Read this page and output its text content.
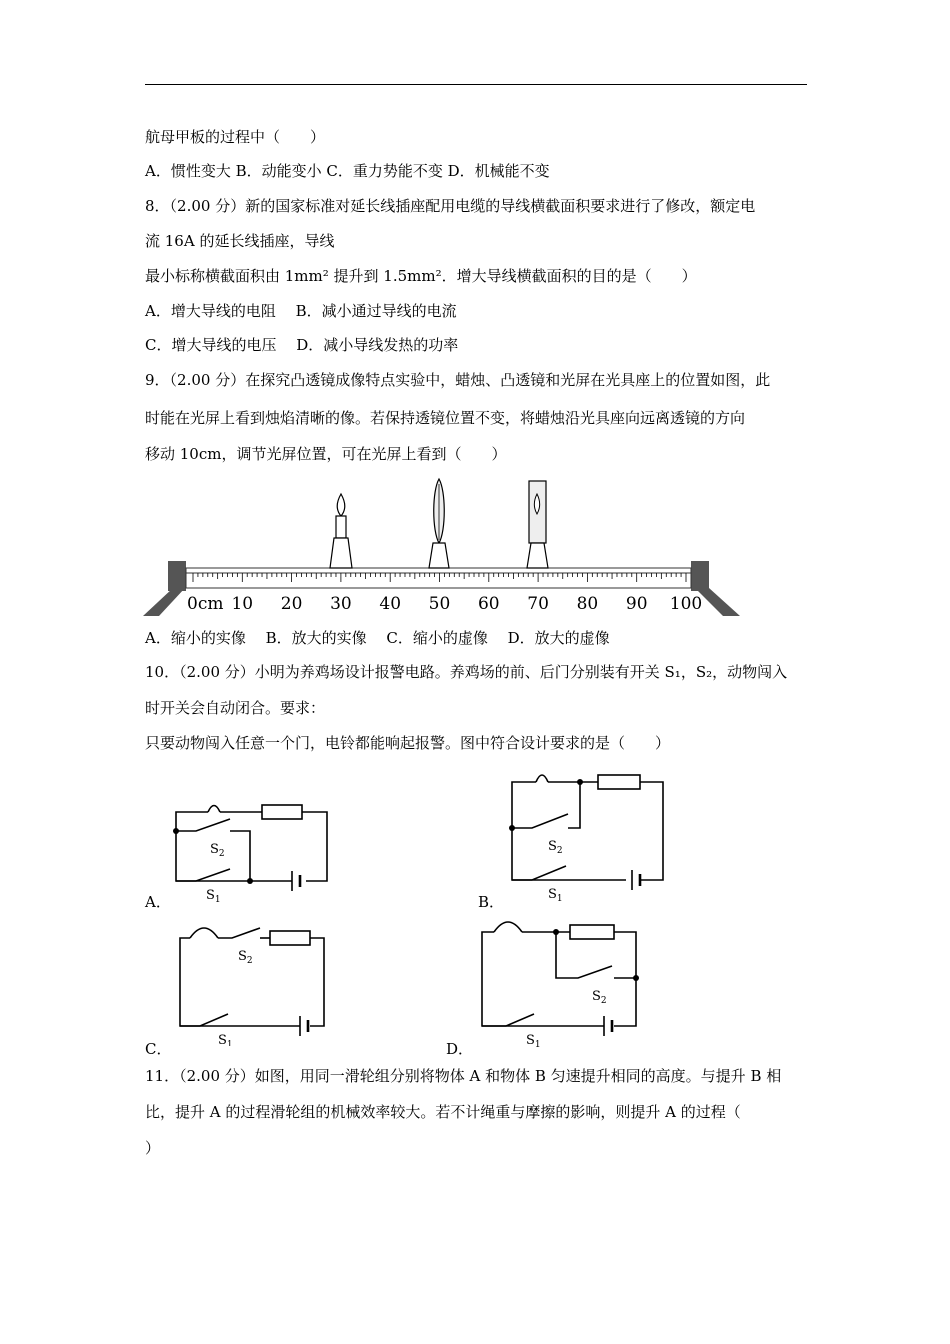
航母甲板的过程中（　　）
A．惯性变大 B．动能变小 C．重力势能不变 D．机械能不变
8．（2.00 分）新的国家标准对延长线插座配用电缆的导线横截面积要求进行了修改，额定电
流 16A 的延长线插座，导线
最小标称横截面积由 1mm² 提升到 1.5mm²．增大导线横截面积的目的是（　　）
A．增大导线的电阻　 B．减小通过导线的电流
C．增大导线的电压　 D．减小导线发热的功率
9．（2.00 分）在探究凸透镜成像特点实验中，蜡烛、凸透镜和光屏在光具座上的位置如图，此
时能在光屏上看到烛焰清晰的像。若保持透镜位置不变，将蜡烛沿光具座向远离透镜的方向
移动 10cm，调节光屏位置，可在光屏上看到（　　）
0cm 10 20 30 40 50 60 70 80 90 100
A．缩小的实像　 B．放大的实像　 C．缩小的虚像　 D．放大的虚像
10．（2.00 分）小明为养鸡场设计报警电路。养鸡场的前、后门分别装有开关 S₁，S₂，动物闯入
时开关会自动闭合。要求：
只要动物闯入任意一个门，电铃都能响起报警。图中符合设计要求的是（　　）
$S_2$
$S_1$
A．
$S_2$
$S_1$
B．
$S_2$
$S_1$
C．
$S_2$
$S_1$
D．
11．（2.00 分）如图，用同一滑轮组分别将物体 A 和物体 B 匀速提升相同的高度。与提升 B 相
比，提升 A 的过程滑轮组的机械效率较大。若不计绳重与摩擦的影响，则提升 A 的过程（
）
